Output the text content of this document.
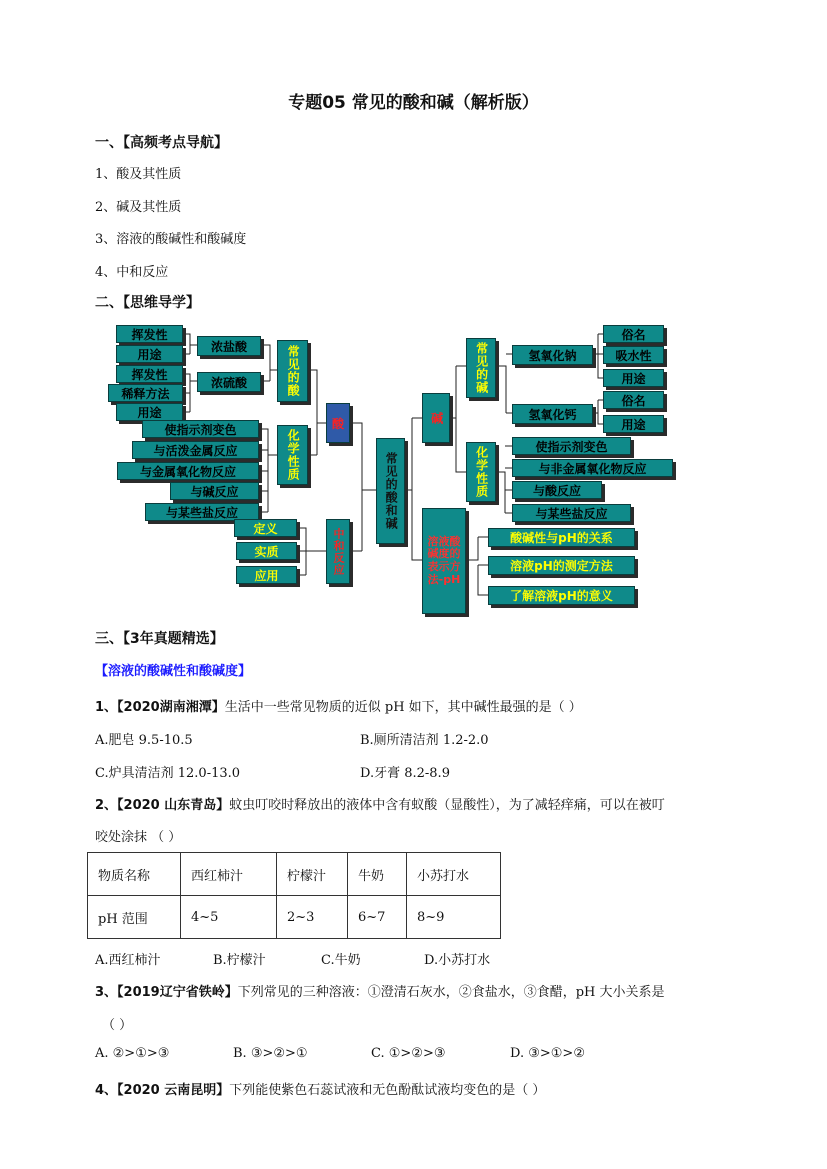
专题05 常见的酸和碱（解析版）
一、【高频考点导航】
1、酸及其性质
2、碱及其性质
3、溶液的酸碱性和酸碱度
4、中和反应
二、【思维导学】
挥发性
用途
浓盐酸
挥发性
稀释方法
用途
浓硫酸	常见的酸
使指示剂变色
与活泼金属反应
与金属氧化物反应
与碱反应
与某些盐反应
化学性质
酸
定义
实质
应用	中和反应
常见的酸和碱
碱
常见的碱	氢氧化钠
俗名
吸水性
用途
氢氧化钙
俗名
用途
化学性质	使指示剂变色
与非金属氧化物反应
与酸反应
与某些盐反应
溶液酸碱度的表示方法-pH
酸碱性与pH的关系
溶液pH的测定方法
了解溶液pH的意义
三、【3年真题精选】
【溶液的酸碱性和酸碱度】
1、【2020湖南湘潭】生活中一些常见物质的近似 pH 如下，其中碱性最强的是（ ）
A.肥皂 9.5-10.5	B.厕所清洁剂 1.2-2.0
C.炉具清洁剂 12.0-13.0	D.牙膏 8.2-8.9
2、【2020 山东青岛】蚊虫叮咬时释放出的液体中含有蚁酸（显酸性），为了减轻痒痛，可以在被叮
咬处涂抹 （ ）
物质名称	西红柿汁	柠檬汁	牛奶	小苏打水
pH 范围	4~5	2~3	6~7	8~9
A.西红柿汁	B.柠檬汁	C.牛奶	D.小苏打水
3、【2019辽宁省铁岭】下列常见的三种溶液：①澄清石灰水，②食盐水，③食醋，pH 大小关系是
（ ）
A. ②>①>③	B. ③>②>①	C. ①>②>③	D. ③>①>②
4、【2020 云南昆明】下列能使紫色石蕊试液和无色酚酞试液均变色的是（ ）
